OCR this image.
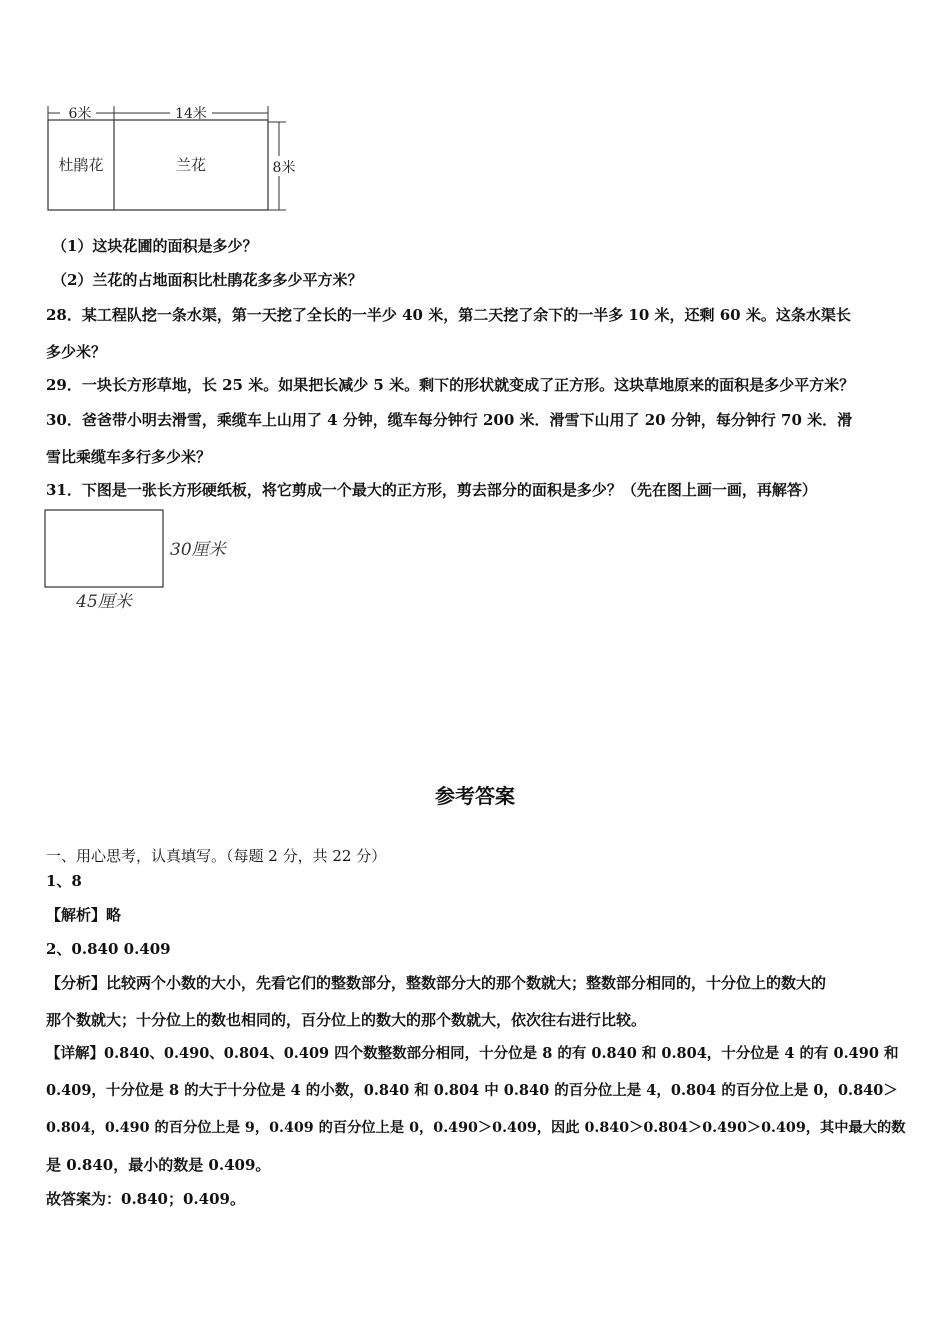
6米	14米
杜鹃花	兰花	8米
（1）这块花圃的面积是多少？
（2）兰花的占地面积比杜鹃花多多少平方米？
28．某工程队挖一条水渠，第一天挖了全长的一半少 40 米，第二天挖了余下的一半多 10 米，还剩 60 米。这条水渠长
多少米？
29．一块长方形草地，长 25 米。如果把长减少 5 米。剩下的形状就变成了正方形。这块草地原来的面积是多少平方米？
30．爸爸带小明去滑雪，乘缆车上山用了 4 分钟，缆车每分钟行 200 米．滑雪下山用了 20 分钟，每分钟行 70 米．滑
雪比乘缆车多行多少米？
31．下图是一张长方形硬纸板，将它剪成一个最大的正方形，剪去部分的面积是多少？（先在图上画一画，再解答）
30厘米
45厘米
参考答案
一、用心思考，认真填写。（每题 2 分，共 22 分）
1、8
【解析】略
2、0.840 0.409
【分析】比较两个小数的大小，先看它们的整数部分，整数部分大的那个数就大；整数部分相同的，十分位上的数大的
那个数就大；十分位上的数也相同的，百分位上的数大的那个数就大，依次往右进行比较。
【详解】0.840、0.490、0.804、0.409 四个数整数部分相同，十分位是 8 的有 0.840 和 0.804，十分位是 4 的有 0.490 和
0.409，十分位是 8 的大于十分位是 4 的小数，0.840 和 0.804 中 0.840 的百分位上是 4，0.804 的百分位上是 0，0.840＞
0.804，0.490 的百分位上是 9，0.409 的百分位上是 0，0.490＞0.409，因此 0.840＞0.804＞0.490＞0.409，其中最大的数
是 0.840，最小的数是 0.409。
故答案为：0.840；0.409。
